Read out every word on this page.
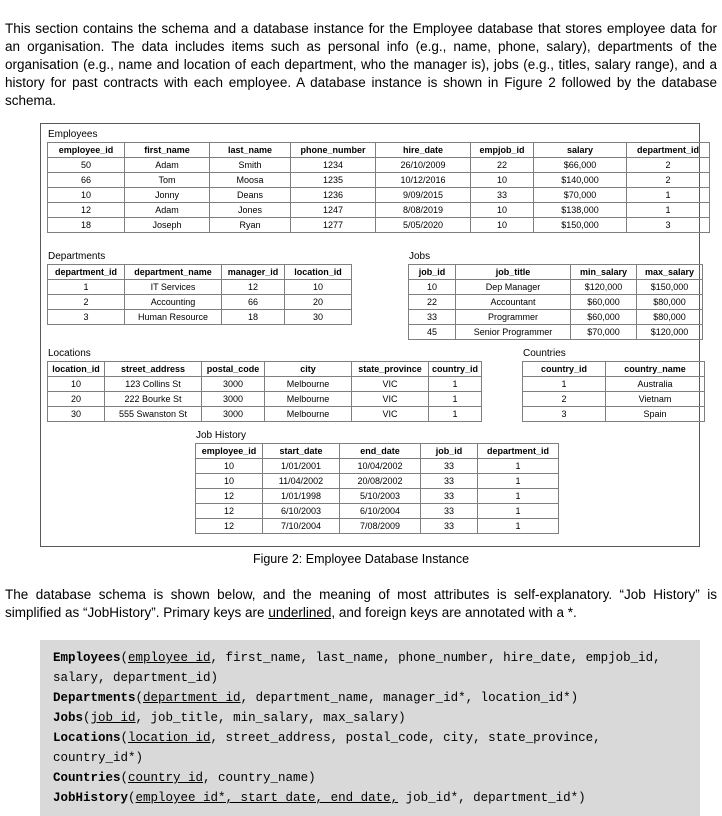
This section contains the schema and a database instance for the Employee database that stores employee data for an organisation. The data includes items such as personal info (e.g., name, phone, salary), departments of the organisation (e.g., name and location of each department, who the manager is), jobs (e.g., titles, salary range), and a history for past contracts with each employee. A database instance is shown in Figure 2 followed by the database schema.

Employees
employee_id	first_name	last_name	phone_number	hire_date	empjob_id	salary	department_id
50	Adam	Smith	1234	26/10/2009	22	$66,000	2
66	Tom	Moosa	1235	10/12/2016	10	$140,000	2
10	Jonny	Deans	1236	9/09/2015	33	$70,000	1
12	Adam	Jones	1247	8/08/2019	10	$138,000	1
18	Joseph	Ryan	1277	5/05/2020	10	$150,000	3
Departments
department_id	department_name	manager_id	location_id
1	IT Services	12	10
2	Accounting	66	20
3	Human Resource	18	30
Jobs
job_id	job_title	min_salary	max_salary
10	Dep Manager	$120,000	$150,000
22	Accountant	$60,000	$80,000
33	Programmer	$60,000	$80,000
45	Senior Programmer	$70,000	$120,000
Locations
location_id	street_address	postal_code	city	state_province	country_id
10	123 Collins St	3000	Melbourne	VIC	1
20	222 Bourke St	3000	Melbourne	VIC	1
30	555 Swanston St	3000	Melbourne	VIC	1
Countries
country_id	country_name
1	Australia
2	Vietnam
3	Spain
Job History
employee_id	start_date	end_date	job_id	department_id
10	1/01/2001	10/04/2002	33	1
10	11/04/2002	20/08/2002	33	1
12	1/01/1998	5/10/2003	33	1
12	6/10/2003	6/10/2004	33	1
12	7/10/2004	7/08/2009	33	1
Figure 2: Employee Database Instance

The database schema is shown below, and the meaning of most attributes is self-explanatory. “Job History” is simplified as “JobHistory”. Primary keys are underlined, and foreign keys are annotated with a *.

Employees(employee_id, first_name, last_name, phone_number, hire_date, empjob_id, salary, department_id)
Departments(department_id, department_name, manager_id*, location_id*)
Jobs(job_id, job_title, min_salary, max_salary)
Locations(location_id, street_address, postal_code, city, state_province, country_id*)
Countries(country_id, country_name)
JobHistory(employee_id*, start_date, end_date, job_id*, department_id*)
